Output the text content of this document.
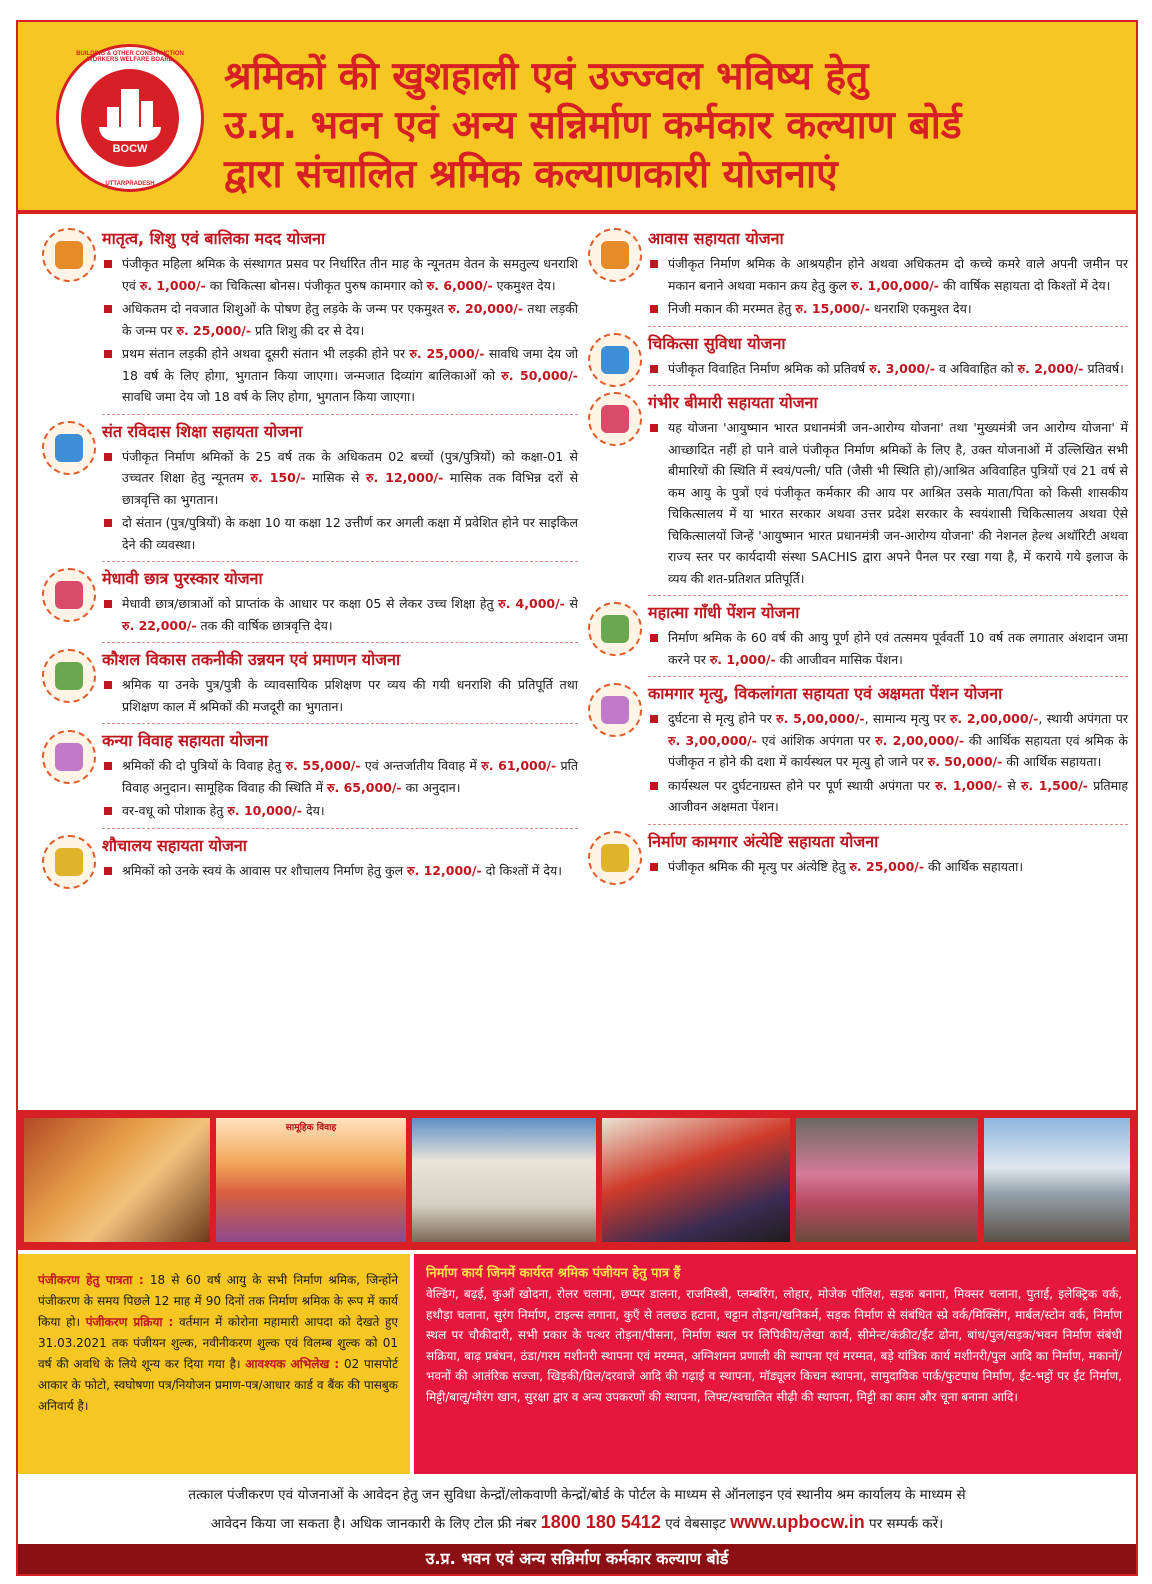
BUILDING & OTHER CONSTRUCTION WORKERS WELFARE BOARD
BOCW
UTTARPRADESH
श्रमिकों की खुशहाली एवं उज्ज्वल भविष्य हेतु
उ.प्र. भवन एवं अन्य सन्निर्माण कर्मकार कल्याण बोर्ड
द्वारा संचालित श्रमिक कल्याणकारी योजनाएं
मातृत्व, शिशु एवं बालिका मदद योजना
पंजीकृत महिला श्रमिक के संस्थागत प्रसव पर निर्धारित तीन माह के न्यूनतम वेतन के समतुल्य धनराशि एवं रु. 1,000/- का चिकित्सा बोनस। पंजीकृत पुरुष कामगार को रु. 6,000/- एकमुश्त देय।
अधिकतम दो नवजात शिशुओं के पोषण हेतु लड़के के जन्म पर एकमुश्त रु. 20,000/- तथा लड़की के जन्म पर रु. 25,000/- प्रति शिशु की दर से देय।
प्रथम संतान लड़की होने अथवा दूसरी संतान भी लड़की होने पर रु. 25,000/- सावधि जमा देय जो 18 वर्ष के लिए होगा, भुगतान किया जाएगा। जन्मजात दिव्यांग बालिकाओं को रु. 50,000/- सावधि जमा देय जो 18 वर्ष के लिए होगा, भुगतान किया जाएगा।
संत रविदास शिक्षा सहायता योजना
पंजीकृत निर्माण श्रमिकों के 25 वर्ष तक के अधिकतम 02 बच्चों (पुत्र/पुत्रियों) को कक्षा-01 से उच्चतर शिक्षा हेतु न्यूनतम रु. 150/- मासिक से रु. 12,000/- मासिक तक विभिन्न दरों से छात्रवृत्ति का भुगतान।
दो संतान (पुत्र/पुत्रियों) के कक्षा 10 या कक्षा 12 उत्तीर्ण कर अगली कक्षा में प्रवेशित होने पर साइकिल देने की व्यवस्था।
मेधावी छात्र पुरस्कार योजना
मेधावी छात्र/छात्राओं को प्राप्तांक के आधार पर कक्षा 05 से लेकर उच्च शिक्षा हेतु रु. 4,000/- से रु. 22,000/- तक की वार्षिक छात्रवृत्ति देय।
कौशल विकास तकनीकी उन्नयन एवं प्रमाणन योजना
श्रमिक या उनके पुत्र/पुत्री के व्यावसायिक प्रशिक्षण पर व्यय की गयी धनराशि की प्रतिपूर्ति तथा प्रशिक्षण काल में श्रमिकों की मजदूरी का भुगतान।
कन्या विवाह सहायता योजना
श्रमिकों की दो पुत्रियों के विवाह हेतु रु. 55,000/- एवं अन्तर्जातीय विवाह में रु. 61,000/- प्रति विवाह अनुदान। सामूहिक विवाह की स्थिति में रु. 65,000/- का अनुदान।
वर-वधू को पोशाक हेतु रु. 10,000/- देय।
शौचालय सहायता योजना
श्रमिकों को उनके स्वयं के आवास पर शौचालय निर्माण हेतु कुल रु. 12,000/- दो किश्तों में देय।
आवास सहायता योजना
पंजीकृत निर्माण श्रमिक के आश्रयहीन होने अथवा अधिकतम दो कच्चे कमरे वाले अपनी जमीन पर मकान बनाने अथवा मकान क्रय हेतु कुल रु. 1,00,000/- की वार्षिक सहायता दो किश्तों में देय।
निजी मकान की मरम्मत हेतु रु. 15,000/- धनराशि एकमुश्त देय।
चिकित्सा सुविधा योजना
पंजीकृत विवाहित निर्माण श्रमिक को प्रतिवर्ष रु. 3,000/- व अविवाहित को रु. 2,000/- प्रतिवर्ष।
गंभीर बीमारी सहायता योजना
यह योजना 'आयुष्मान भारत प्रधानमंत्री जन-आरोग्य योजना' तथा 'मुख्यमंत्री जन आरोग्य योजना' में आच्छादित नहीं हो पाने वाले पंजीकृत निर्माण श्रमिकों के लिए है, उक्त योजनाओं में उल्लिखित सभी बीमारियों की स्थिति में स्वयं/पत्नी/ पति (जैसी भी स्थिति हो)/आश्रित अविवाहित पुत्रियों एवं 21 वर्ष से कम आयु के पुत्रों एवं पंजीकृत कर्मकार की आय पर आश्रित उसके माता/पिता को किसी शासकीय चिकित्सालय में या भारत सरकार अथवा उत्तर प्रदेश सरकार के स्वयंशासी चिकित्सालय अथवा ऐसे चिकित्सालयों जिन्हें 'आयुष्मान भारत प्रधानमंत्री जन-आरोग्य योजना' की नेशनल हेल्थ अथॉरिटी अथवा राज्य स्तर पर कार्यदायी संस्था SACHIS द्वारा अपने पैनल पर रखा गया है, में कराये गये इलाज के व्यय की शत-प्रतिशत प्रतिपूर्ति।
महात्मा गाँधी पेंशन योजना
निर्माण श्रमिक के 60 वर्ष की आयु पूर्ण होने एवं तत्समय पूर्ववर्ती 10 वर्ष तक लगातार अंशदान जमा करने पर रु. 1,000/- की आजीवन मासिक पेंशन।
कामगार मृत्यु, विकलांगता सहायता एवं अक्षमता पेंशन योजना
दुर्घटना से मृत्यु होने पर रु. 5,00,000/-, सामान्य मृत्यु पर रु. 2,00,000/-, स्थायी अपंगता पर रु. 3,00,000/- एवं आंशिक अपंगता पर रु. 2,00,000/- की आर्थिक सहायता एवं श्रमिक के पंजीकृत न होने की दशा में कार्यस्थल पर मृत्यु हो जाने पर रु. 50,000/- की आर्थिक सहायता।
कार्यस्थल पर दुर्घटनाग्रस्त होने पर पूर्ण स्थायी अपंगता पर रु. 1,000/- से रु. 1,500/- प्रतिमाह आजीवन अक्षमता पेंशन।
निर्माण कामगार अंत्येष्टि सहायता योजना
पंजीकृत श्रमिक की मृत्यु पर अंत्येष्टि हेतु रु. 25,000/- की आर्थिक सहायता।
सामूहिक विवाह
पंजीकरण हेतु पात्रता : 18 से 60 वर्ष आयु के सभी निर्माण श्रमिक, जिन्होंने पंजीकरण के समय पिछले 12 माह में 90 दिनों तक निर्माण श्रमिक के रूप में कार्य किया हो। पंजीकरण प्रक्रिया : वर्तमान में कोरोना महामारी आपदा को देखते हुए 31.03.2021 तक पंजीयन शुल्क, नवीनीकरण शुल्क एवं विलम्ब शुल्क को 01 वर्ष की अवधि के लिये शून्य कर दिया गया है। आवश्यक अभिलेख : 02 पासपोर्ट आकार के फोटो, स्वघोषणा पत्र/नियोजन प्रमाण-पत्र/आधार कार्ड व बैंक की पासबुक अनिवार्य है।
निर्माण कार्य जिनमें कार्यरत श्रमिक पंजीयन हेतु पात्र हैं
वेल्डिंग, बढ़ई, कुआँ खोदना, रोलर चलाना, छप्पर डालना, राजमिस्त्री, प्लम्बरिंग, लोहार, मोजेक पॉलिश, सड़क बनाना, मिक्सर चलाना, पुताई, इलेक्ट्रिक वर्क, हथौड़ा चलाना, सुरंग निर्माण, टाइल्स लगाना, कुएँ से तलछठ हटाना, चट्टान तोड़ना/खनिकर्म, सड़क निर्माण से संबंधित स्प्रे वर्क/मिक्सिंग, मार्बल/स्टोन वर्क, निर्माण स्थल पर चौकीदारी, सभी प्रकार के पत्थर तोड़ना/पीसना, निर्माण स्थल पर लिपिकीय/लेखा कार्य, सीमेन्ट/कंक्रीट/ईंट ढोना, बांध/पुल/सड़क/भवन निर्माण संबंधी सक्रिया, बाढ़ प्रबंधन, ठंडा/गरम मशीनरी स्थापना एवं मरम्मत, अग्निशमन प्रणाली की स्थापना एवं मरम्मत, बड़े यांत्रिक कार्य मशीनरी/पुल आदि का निर्माण, मकानों/भवनों की आतंरिक सज्जा, खिड़की/ग्रिल/दरवाजे आदि की गढ़ाई व स्थापना, मॉड्यूलर किचन स्थापना, सामुदायिक पार्क/फुटपाथ निर्माण, ईंट-भट्ठों पर ईंट निर्माण, मिट्टी/बालू/मौरंग खान, सुरक्षा द्वार व अन्य उपकरणों की स्थापना, लिफ्ट/स्वचालित सीढ़ी की स्थापना, मिट्टी का काम और चूना बनाना आदि।
तत्काल पंजीकरण एवं योजनाओं के आवेदन हेतु जन सुविधा केन्द्रों/लोकवाणी केन्द्रों/बोर्ड के पोर्टल के माध्यम से ऑनलाइन एवं स्थानीय श्रम कार्यालय के माध्यम से
आवेदन किया जा सकता है। अधिक जानकारी के लिए टोल फ्री नंबर 1800 180 5412 एवं वेबसाइट www.upbocw.in पर सम्पर्क करें।
उ.प्र. भवन एवं अन्य सन्निर्माण कर्मकार कल्याण बोर्ड
